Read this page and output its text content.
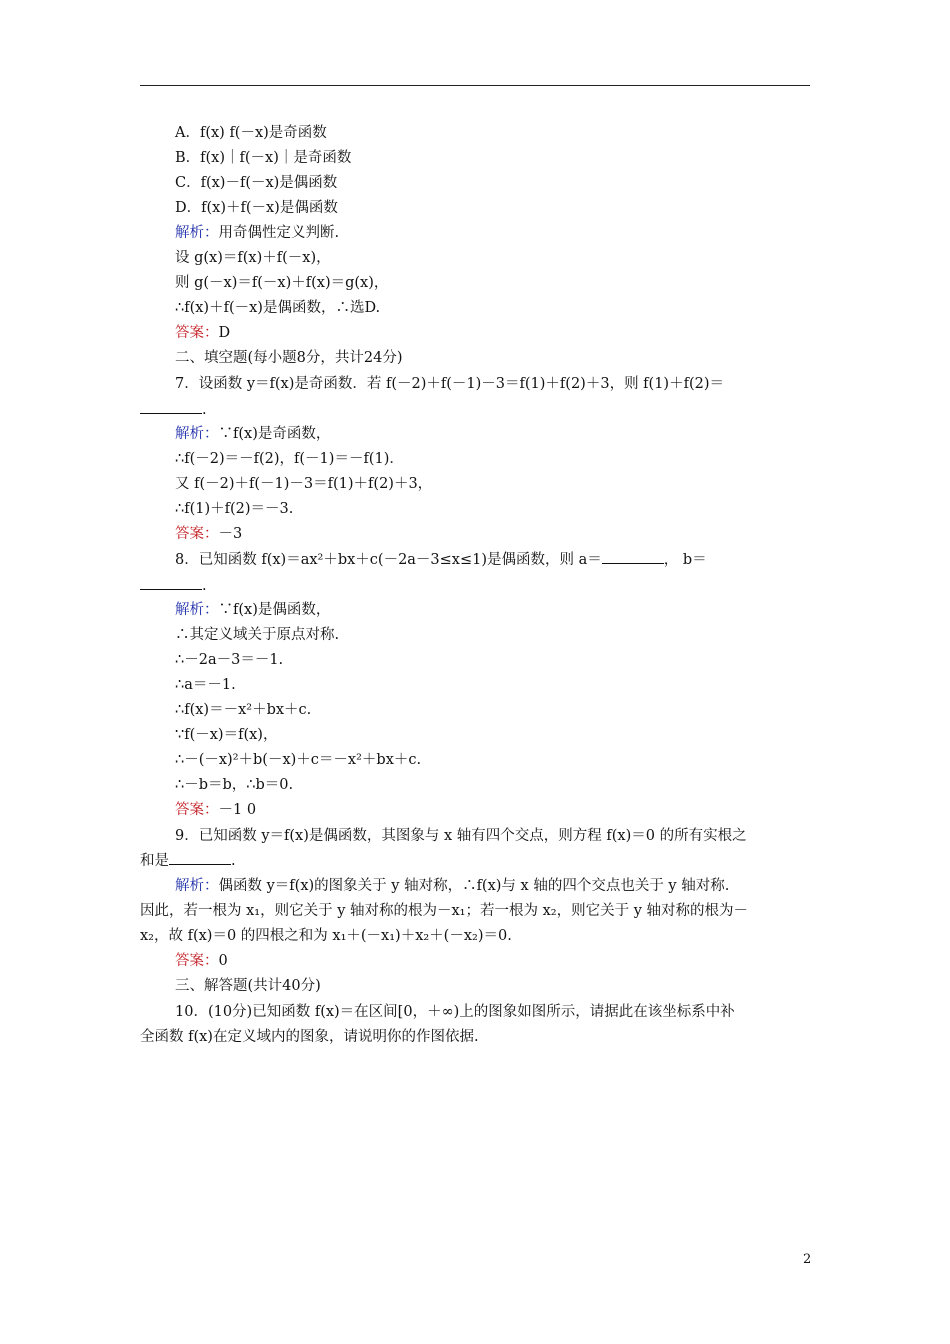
A．f(x) f(－x)是奇函数
B．f(x)｜f(－x)｜是奇函数
C．f(x)－f(－x)是偶函数
D．f(x)＋f(－x)是偶函数
解析：用奇偶性定义判断.
设 g(x)＝f(x)＋f(－x)，
则 g(－x)＝f(－x)＋f(x)＝g(x)，
∴f(x)＋f(－x)是偶函数，∴选D.
答案：D
二、填空题(每小题8分，共计24分)
7．设函数 y＝f(x)是奇函数．若 f(－2)＋f(－1)－3＝f(1)＋f(2)＋3，则 f(1)＋f(2)＝
.
解析：∵f(x)是奇函数，
∴f(－2)＝－f(2)，f(－1)＝－f(1)．
又 f(－2)＋f(－1)－3＝f(1)＋f(2)＋3，
∴f(1)＋f(2)＝－3.
答案：－3
8．已知函数 f(x)＝ax²＋bx＋c(－2a－3≤x≤1)是偶函数，则 a＝	， b＝
.
解析：∵f(x)是偶函数，
∴其定义域关于原点对称.
∴－2a－3＝－1.
∴a＝－1.
∴f(x)＝－x²＋bx＋c.
∵f(－x)＝f(x)，
∴－(－x)²＋b(－x)＋c＝－x²＋bx＋c.
∴－b＝b，∴b＝0.
答案：－1 0
9．已知函数 y＝f(x)是偶函数，其图象与 x 轴有四个交点，则方程 f(x)＝0 的所有实根之
和是	.
解析：偶函数 y＝f(x)的图象关于 y 轴对称，∴f(x)与 x 轴的四个交点也关于 y 轴对称.
因此，若一根为 x₁，则它关于 y 轴对称的根为－x₁；若一根为 x₂，则它关于 y 轴对称的根为－
x₂，故 f(x)＝0 的四根之和为 x₁＋(－x₁)＋x₂＋(－x₂)＝0.
答案：0
三、解答题(共计40分)
10．(10分)已知函数 f(x)＝在区间[0，＋∞)上的图象如图所示，请据此在该坐标系中补
全函数 f(x)在定义域内的图象，请说明你的作图依据.
2
